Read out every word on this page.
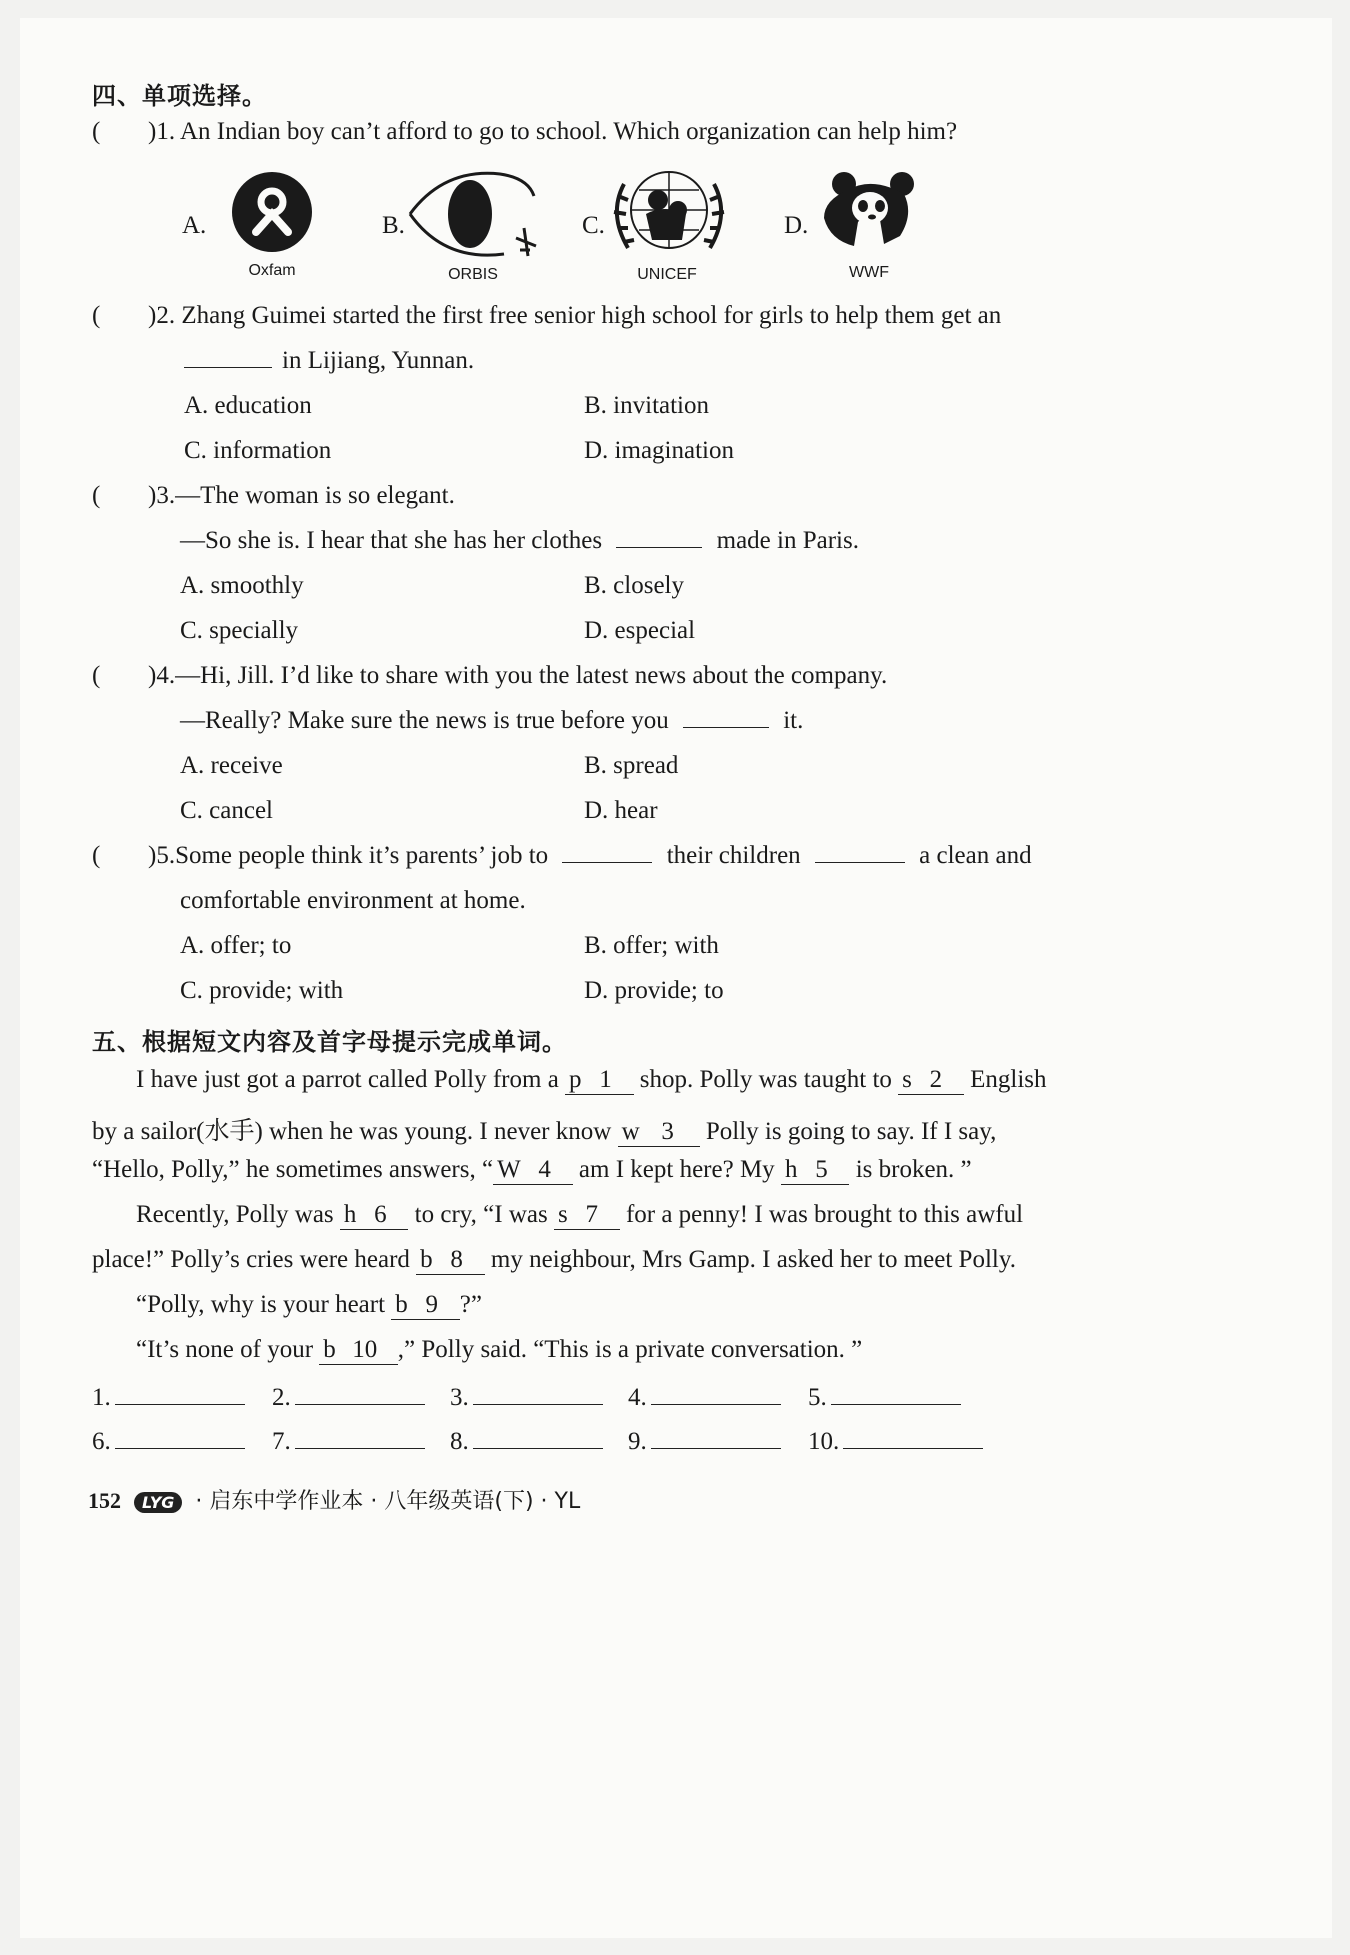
四、单项选择。
( )1. An Indian boy can’t afford to go to school. Which organization can help him?
A.
Oxfam
B.
ORBIS
C.
UNICEF
D.
WWF
( )2. Zhang Guimei started the first free senior high school for girls to help them get an
in Lijiang, Yunnan.
A. education	B. invitation
C. information	D. imagination
( )3.—The woman is so elegant.
—So she is. I hear that she has her clothes	made in Paris.
A. smoothly	B. closely
C. specially	D. especial
( )4.—Hi, Jill. I’d like to share with you the latest news about the company.
—Really? Make sure the news is true before you	it.
A. receive	B. spread
C. cancel	D. hear
( )5.Some people think it’s parents’ job to	their children	a clean and
comfortable environment at home.
A. offer; to	B. offer; with
C. provide; with	D. provide; to
五、根据短文内容及首字母提示完成单词。
I have just got a parrot called Polly from a p 1 shop. Polly was taught to s 2 English
by a sailor(水手) when he was young. I never know w 3 Polly is going to say. If I say,
“Hello, Polly,” he sometimes answers, “ W 4 am I kept here? My h 5 is broken. ”
Recently, Polly was h 6 to cry, “I was s 7 for a penny! I was brought to this awful
place!” Polly’s cries were heard b 8 my neighbour, Mrs Gamp. I asked her to meet Polly.
“Polly, why is your heart b 9 ?”
“It’s none of your b 10 ,” Polly said. “This is a private conversation. ”
1.	2.	3.	4.	5.
6.	7.	8.	9.	10.
152 LYG · 启东中学作业本 · 八年级英语(下) · YL
